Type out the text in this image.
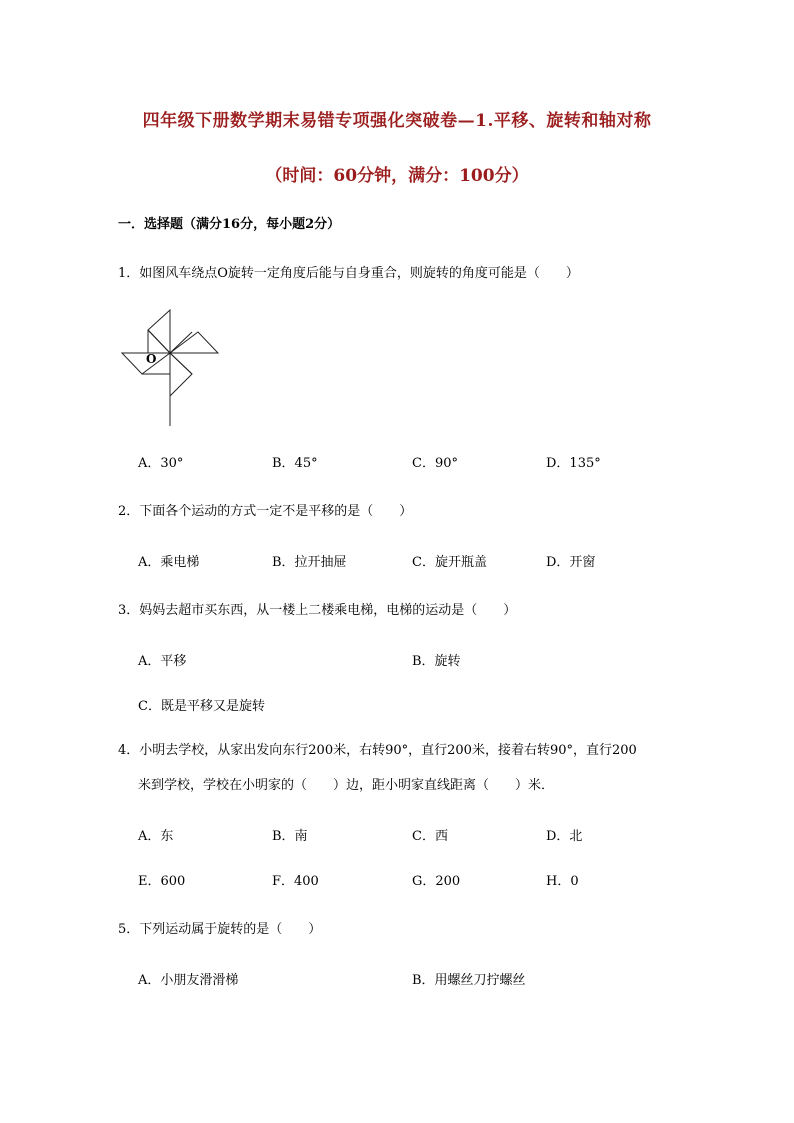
四年级下册数学期末易错专项强化突破卷—1.平移、旋转和轴对称
（时间：60分钟，满分：100分）
一．选择题（满分16分，每小题2分）
1．如图风车绕点O旋转一定角度后能与自身重合，则旋转的角度可能是（　　）
O
A．30°	B．45°	C．90°	D．135°
2．下面各个运动的方式一定不是平移的是（　　）
A．乘电梯	B．拉开抽屉	C．旋开瓶盖	D．开窗
3．妈妈去超市买东西，从一楼上二楼乘电梯，电梯的运动是（　　）
A．平移	B．旋转
C．既是平移又是旋转
4．小明去学校，从家出发向东行200米，右转90°，直行200米，接着右转90°，直行200
米到学校，学校在小明家的（　　）边，距小明家直线距离（　　）米．
A．东	B．南	C．西	D．北
E．600	F．400	G．200	H．0
5．下列运动属于旋转的是（　　）
A．小朋友滑滑梯	B．用螺丝刀拧螺丝
